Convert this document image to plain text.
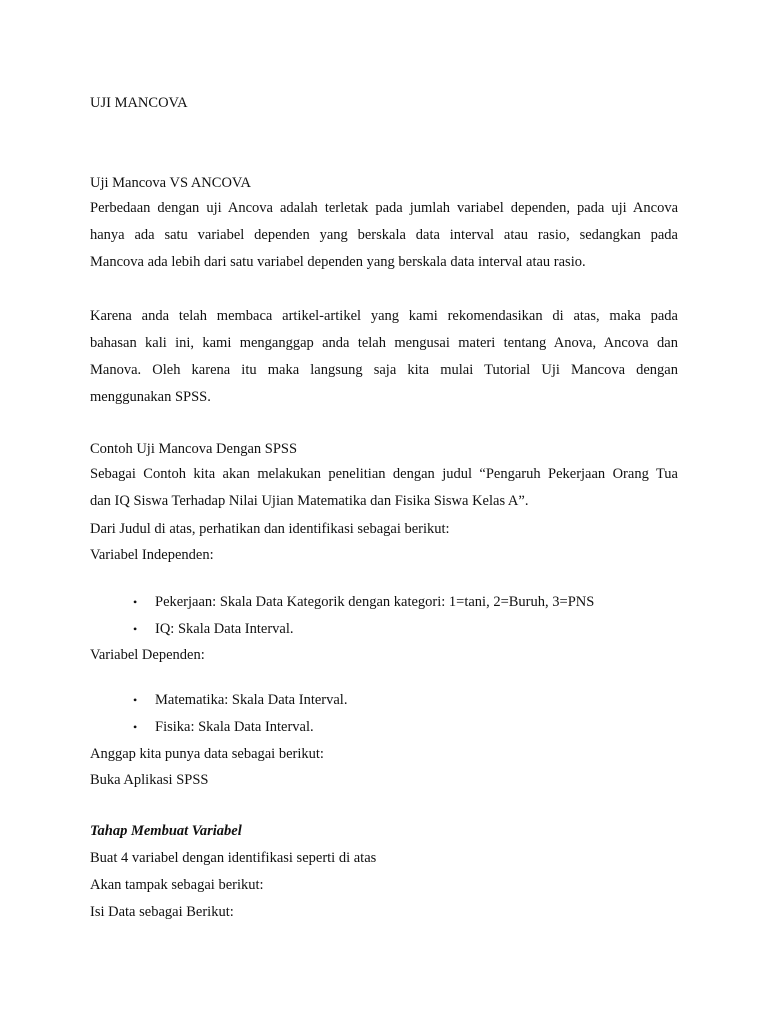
UJI MANCOVA
Uji Mancova VS ANCOVA
Perbedaan dengan uji Ancova adalah terletak pada jumlah variabel dependen, pada uji Ancova
hanya ada satu variabel dependen yang berskala data interval atau rasio, sedangkan pada
Mancova ada lebih dari satu variabel dependen yang berskala data interval atau rasio.
Karena anda telah membaca artikel-artikel yang kami rekomendasikan di atas, maka pada
bahasan kali ini, kami menganggap anda telah mengusai materi tentang Anova, Ancova dan
Manova. Oleh karena itu maka langsung saja kita mulai Tutorial Uji Mancova dengan
menggunakan SPSS.
Contoh Uji Mancova Dengan SPSS
Sebagai Contoh kita akan melakukan penelitian dengan judul “Pengaruh Pekerjaan Orang Tua
dan IQ Siswa Terhadap Nilai Ujian Matematika dan Fisika Siswa Kelas A”.
Dari Judul di atas, perhatikan dan identifikasi sebagai berikut:
Variabel Independen:
• Pekerjaan: Skala Data Kategorik dengan kategori: 1=tani, 2=Buruh, 3=PNS
• IQ: Skala Data Interval.
Variabel Dependen:
• Matematika: Skala Data Interval.
• Fisika: Skala Data Interval.
Anggap kita punya data sebagai berikut:
Buka Aplikasi SPSS
Tahap Membuat Variabel
Buat 4 variabel dengan identifikasi seperti di atas
Akan tampak sebagai berikut:
Isi Data sebagai Berikut:
